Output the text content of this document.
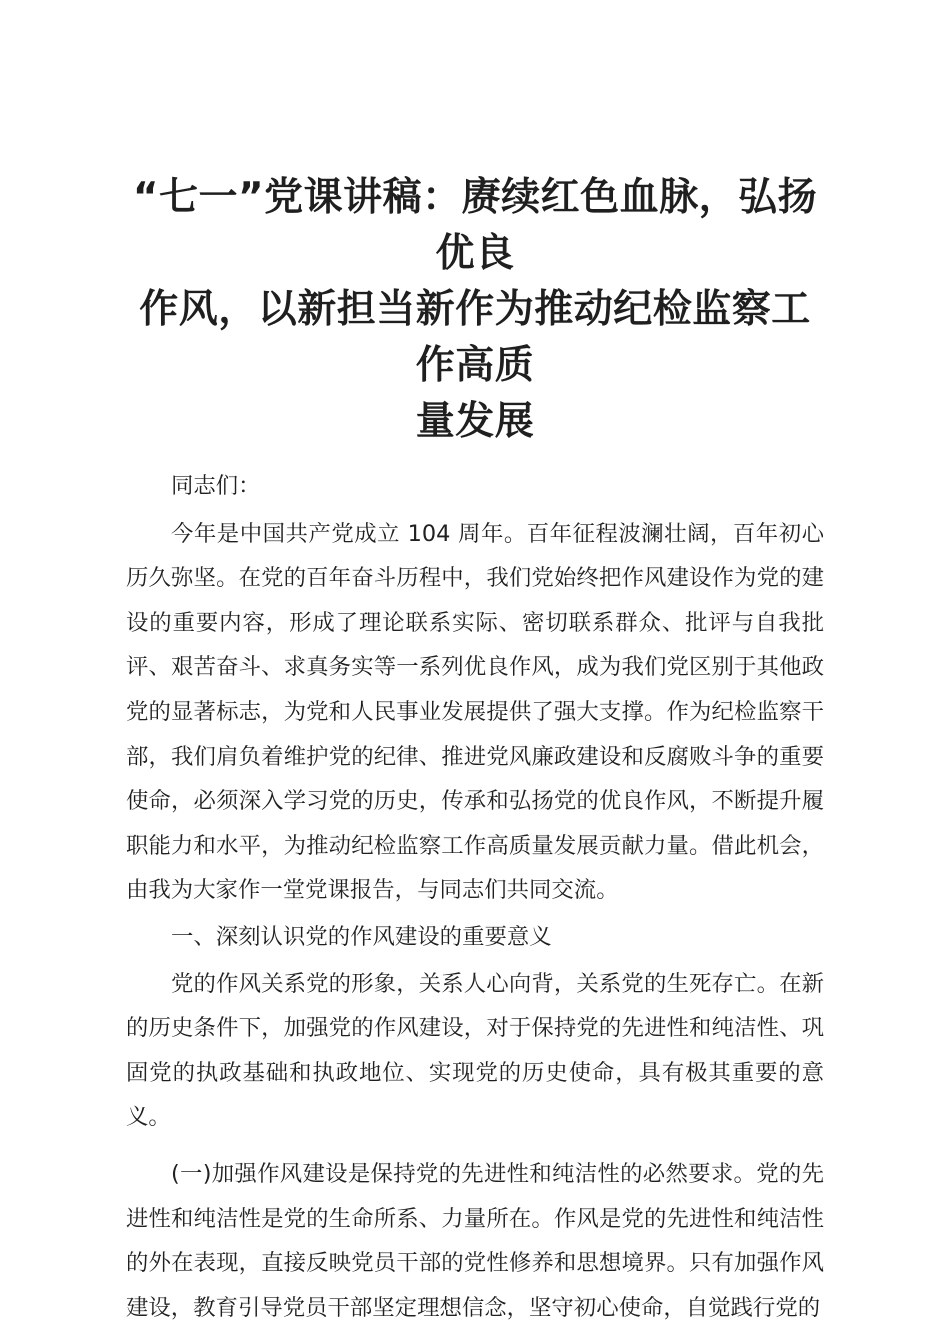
“七一”党课讲稿：赓续红色血脉，弘扬优良
作风，以新担当新作为推动纪检监察工作高质
量发展

同志们：

今年是中国共产党成立 104 周年。百年征程波澜壮阔，百年初心历久弥坚。在党的百年奋斗历程中，我们党始终把作风建设作为党的建设的重要内容，形成了理论联系实际、密切联系群众、批评与自我批评、艰苦奋斗、求真务实等一系列优良作风，成为我们党区别于其他政党的显著标志，为党和人民事业发展提供了强大支撑。作为纪检监察干部，我们肩负着维护党的纪律、推进党风廉政建设和反腐败斗争的重要使命，必须深入学习党的历史，传承和弘扬党的优良作风，不断提升履职能力和水平，为推动纪检监察工作高质量发展贡献力量。借此机会，由我为大家作一堂党课报告，与同志们共同交流。

一、深刻认识党的作风建设的重要意义

党的作风关系党的形象，关系人心向背，关系党的生死存亡。在新的历史条件下，加强党的作风建设，对于保持党的先进性和纯洁性、巩固党的执政基础和执政地位、实现党的历史使命，具有极其重要的意义。

(一)加强作风建设是保持党的先进性和纯洁性的必然要求。党的先进性和纯洁性是党的生命所系、力量所在。作风是党的先进性和纯洁性的外在表现，直接反映党员干部的党性修养和思想境界。只有加强作风建设，教育引导党员干部坚定理想信念，坚守初心使命，自觉践行党的
